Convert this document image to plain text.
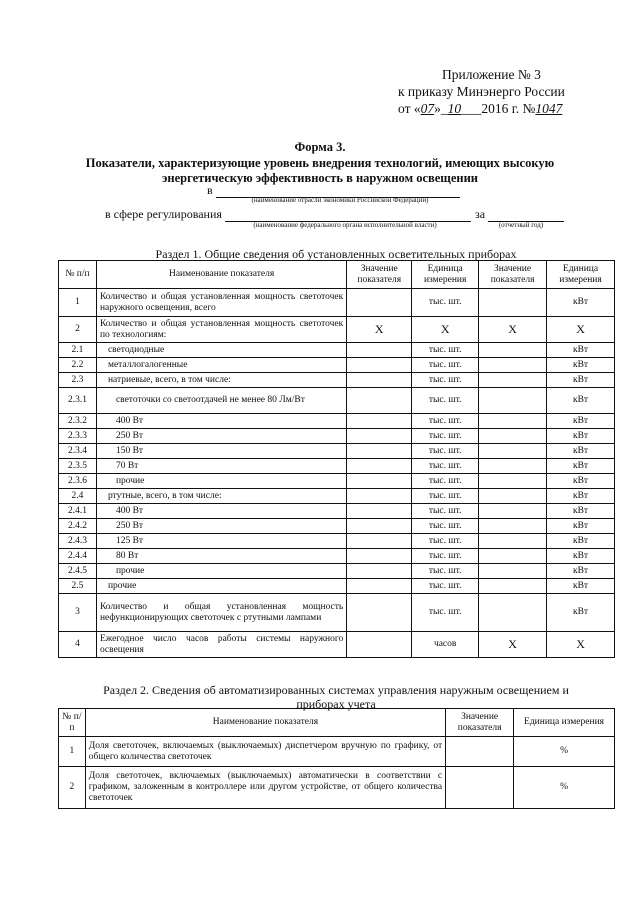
Приложение № 3
к приказу Минэнерго России
от «07»_10___2016 г. №1047
Форма 3.
Показатели, характеризующие уровень внедрения технологий, имеющих высокую
энергетическую эффективность в наружном освещении
в
(наименование отрасли экономики Российской Федерации)
в сфере регулирования	за
(наименование федерального органа исполнительной власти)	(отчетный год)
Раздел 1. Общие сведения об установленных осветительных приборах
№ п/п	Наименование показателя	Значение показателя	Единица измерения	Значение показателя	Единица измерения
1	Количество и общая установленная мощность светоточек наружного освещения, всего		тыс. шт.		кВт
2	Количество и общая установленная мощность светоточек по технологиям:	X	X	X	X
2.1	светодиодные		тыс. шт.		кВт
2.2	металлогалогенные		тыс. шт.		кВт
2.3	натриевые, всего, в том числе:		тыс. шт.		кВт
2.3.1	светоточки со светоотдачей не менее 80 Лм/Вт		тыс. шт.		кВт
2.3.2	400 Вт		тыс. шт.		кВт
2.3.3	250 Вт		тыс. шт.		кВт
2.3.4	150 Вт		тыс. шт.		кВт
2.3.5	70 Вт		тыс. шт.		кВт
2.3.6	прочие		тыс. шт.		кВт
2.4	ртутные, всего, в том числе:		тыс. шт.		кВт
2.4.1	400 Вт		тыс. шт.		кВт
2.4.2	250 Вт		тыс. шт.		кВт
2.4.3	125 Вт		тыс. шт.		кВт
2.4.4	80 Вт		тыс. шт.		кВт
2.4.5	прочие		тыс. шт.		кВт
2.5	прочие		тыс. шт.		кВт
3	Количество и общая установленная мощность нефункционирующих светоточек с ртутными лампами		тыс. шт.		кВт
4	Ежегодное число часов работы системы наружного освещения		часов	X	X
Раздел 2. Сведения об автоматизированных системах управления наружным освещением и
приборах учета
№ п/п	Наименование показателя	Значение показателя	Единица измерения
1	Доля светоточек, включаемых (выключаемых) диспетчером вручную по графику, от общего количества светоточек		%
2	Доля светоточек, включаемых (выключаемых) автоматически в соответствии с графиком, заложенным в контроллере или другом устройстве, от общего количества светоточек		%
